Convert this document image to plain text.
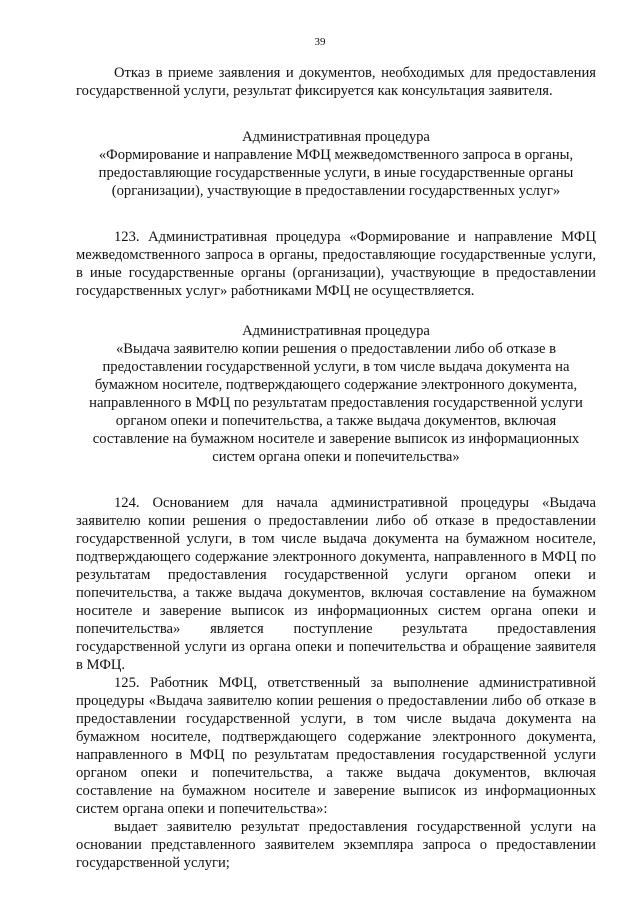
39

Отказ в приеме заявления и документов, необходимых для предоставления государственной услуги, результат фиксируется как консультация заявителя.

Административная процедура

«Формирование и направление МФЦ межведомственного запроса в органы, предоставляющие государственные услуги, в иные государственные органы (организации), участвующие в предоставлении государственных услуг»

123. Административная процедура «Формирование и направление МФЦ межведомственного запроса в органы, предоставляющие государственные услуги, в иные государственные органы (организации), участвующие в предоставлении государственных услуг» работниками МФЦ не осуществляется.

Административная процедура

«Выдача заявителю копии решения о предоставлении либо об отказе в предоставлении государственной услуги, в том числе выдача документа на бумажном носителе, подтверждающего содержание электронного документа, направленного в МФЦ по результатам предоставления государственной услуги органом опеки и попечительства, а также выдача документов, включая составление на бумажном носителе и заверение выписок из информационных систем органа опеки и попечительства»

124. Основанием для начала административной процедуры «Выдача заявителю копии решения о предоставлении либо об отказе в предоставлении государственной услуги, в том числе выдача документа на бумажном носителе, подтверждающего содержание электронного документа, направленного в МФЦ по результатам предоставления государственной услуги органом опеки и попечительства, а также выдача документов, включая составление на бумажном носителе и заверение выписок из информационных систем органа опеки и попечительства» является поступление результата предоставления государственной услуги из органа опеки и попечительства и обращение заявителя в МФЦ.

125. Работник МФЦ, ответственный за выполнение административной процедуры «Выдача заявителю копии решения о предоставлении либо об отказе в предоставлении государственной услуги, в том числе выдача документа на бумажном носителе, подтверждающего содержание электронного документа, направленного в МФЦ по результатам предоставления государственной услуги органом опеки и попечительства, а также выдача документов, включая составление на бумажном носителе и заверение выписок из информационных систем органа опеки и попечительства»:

выдает заявителю результат предоставления государственной услуги на основании представленного заявителем экземпляра запроса о предоставлении государственной услуги;
